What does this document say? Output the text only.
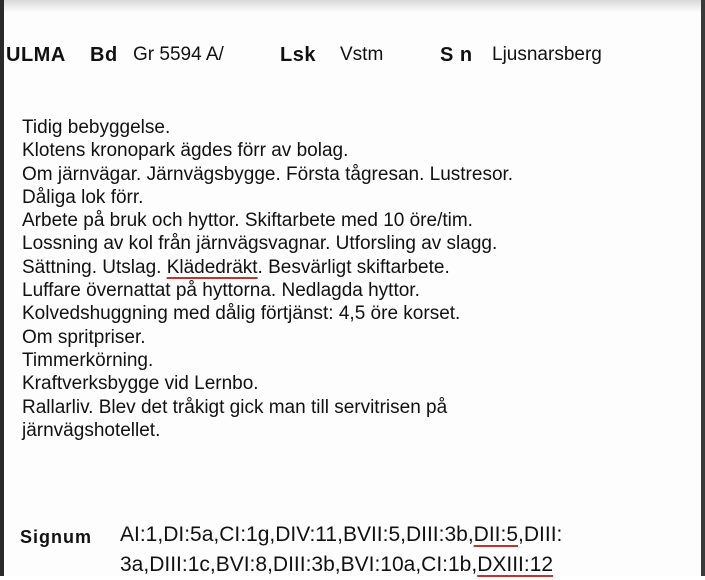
ULMA Bd Gr 5594 A/	Lsk Vstm	S n Ljusnarsberg
Tidig bebyggelse.
Klotens kronopark ägdes förr av bolag.
Om järnvägar. Järnvägsbygge. Första tågresan. Lustresor.
Dåliga lok förr.
Arbete på bruk och hyttor. Skiftarbete med 10 öre/tim.
Lossning av kol från järnvägsvagnar. Utforsling av slagg.
Sättning. Utslag. Klädedräkt. Besvärligt skiftarbete.
Luffare övernattat på hyttorna. Nedlagda hyttor.
Kolvedshuggning med dålig förtjänst: 4,5 öre korset.
Om spritpriser.
Timmerkörning.
Kraftverksbygge vid Lernbo.
Rallarliv. Blev det tråkigt gick man till servitrisen på
järnvägshotellet.
Signum AI:1,DI:5a,CI:1g,DIV:11,BVII:5,DIII:3b,DII:5,DIII:
3a,DIII:1c,BVI:8,DIII:3b,BVI:10a,CI:1b,DXIII:12
